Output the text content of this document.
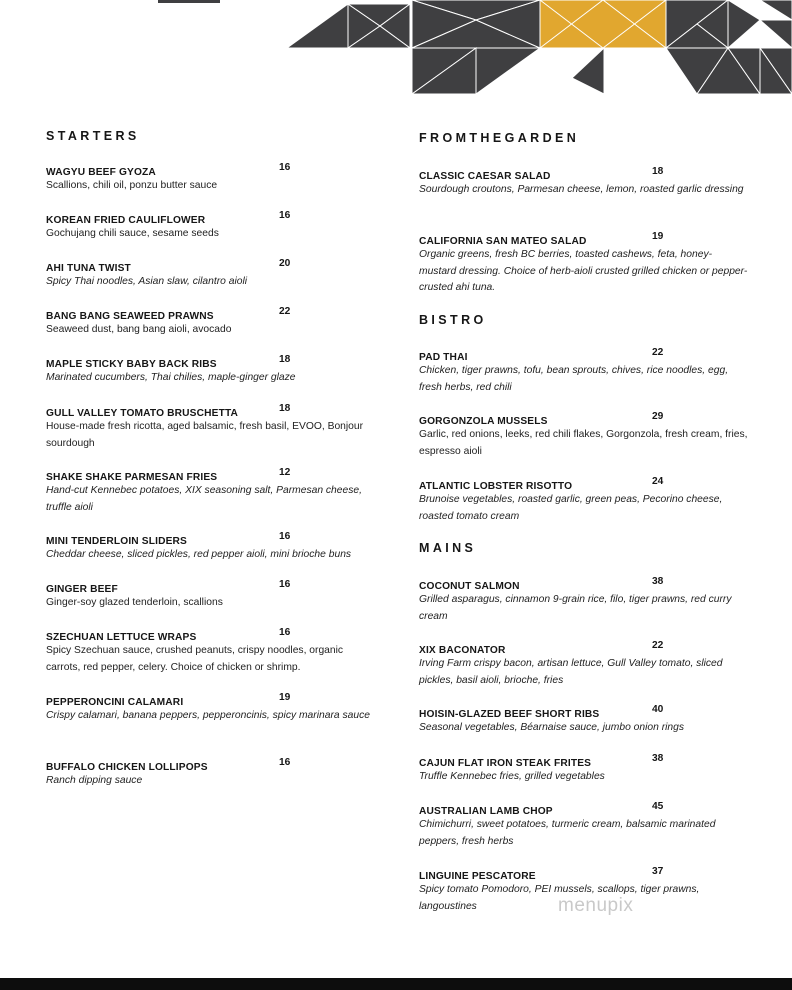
STARTERS
WAGYU BEEF GYOZA	16
Scallions, chili oil, ponzu butter sauce
KOREAN FRIED CAULIFLOWER	16
Gochujang chili sauce, sesame seeds
AHI TUNA TWIST	20
Spicy Thai noodles, Asian slaw, cilantro aioli
BANG BANG SEAWEED PRAWNS	22
Seaweed dust, bang bang aioli, avocado
MAPLE STICKY BABY BACK RIBS	18
Marinated cucumbers, Thai chilies, maple-ginger glaze
GULL VALLEY TOMATO BRUSCHETTA	18
House-made fresh ricotta, aged balsamic, fresh basil, EVOO, Bonjour sourdough
SHAKE SHAKE PARMESAN FRIES	12
Hand-cut Kennebec potatoes, XIX seasoning salt, Parmesan cheese, truffle aioli
MINI TENDERLOIN SLIDERS	16
Cheddar cheese, sliced pickles, red pepper aioli, mini brioche buns
GINGER BEEF	16
Ginger-soy glazed tenderloin, scallions
SZECHUAN LETTUCE WRAPS	16
Spicy Szechuan sauce, crushed peanuts, crispy noodles, organic carrots, red pepper, celery. Choice of chicken or shrimp.
PEPPERONCINI CALAMARI	19
Crispy calamari, banana peppers, pepperoncinis, spicy marinara sauce
BUFFALO CHICKEN LOLLIPOPS	16
Ranch dipping sauce
FROMTHEGARDEN
CLASSIC CAESAR SALAD	18
Sourdough croutons, Parmesan cheese, lemon, roasted garlic dressing
CALIFORNIA SAN MATEO SALAD	19
Organic greens, fresh BC berries, toasted cashews, feta, honey-mustard dressing. Choice of herb-aioli crusted grilled chicken or pepper-crusted ahi tuna.
BISTRO
PAD THAI	22
Chicken, tiger prawns, tofu, bean sprouts, chives, rice noodles, egg, fresh herbs, red chili
GORGONZOLA MUSSELS	29
Garlic, red onions, leeks, red chili flakes, Gorgonzola, fresh cream, fries, espresso aioli
ATLANTIC LOBSTER RISOTTO	24
Brunoise vegetables, roasted garlic, green peas, Pecorino cheese, roasted tomato cream
MAINS
COCONUT SALMON	38
Grilled asparagus, cinnamon 9-grain rice, filo, tiger prawns, red curry cream
XIX BACONATOR	22
Irving Farm crispy bacon, artisan lettuce, Gull Valley tomato, sliced pickles, basil aioli, brioche, fries
HOISIN-GLAZED BEEF SHORT RIBS	40
Seasonal vegetables, Béarnaise sauce, jumbo onion rings
CAJUN FLAT IRON STEAK FRITES	38
Truffle Kennebec fries, grilled vegetables
AUSTRALIAN LAMB CHOP	45
Chimichurri, sweet potatoes, turmeric cream, balsamic marinated peppers, fresh herbs
LINGUINE PESCATORE	37
Spicy tomato Pomodoro, PEI mussels, scallops, tiger prawns, langoustines	menupix
